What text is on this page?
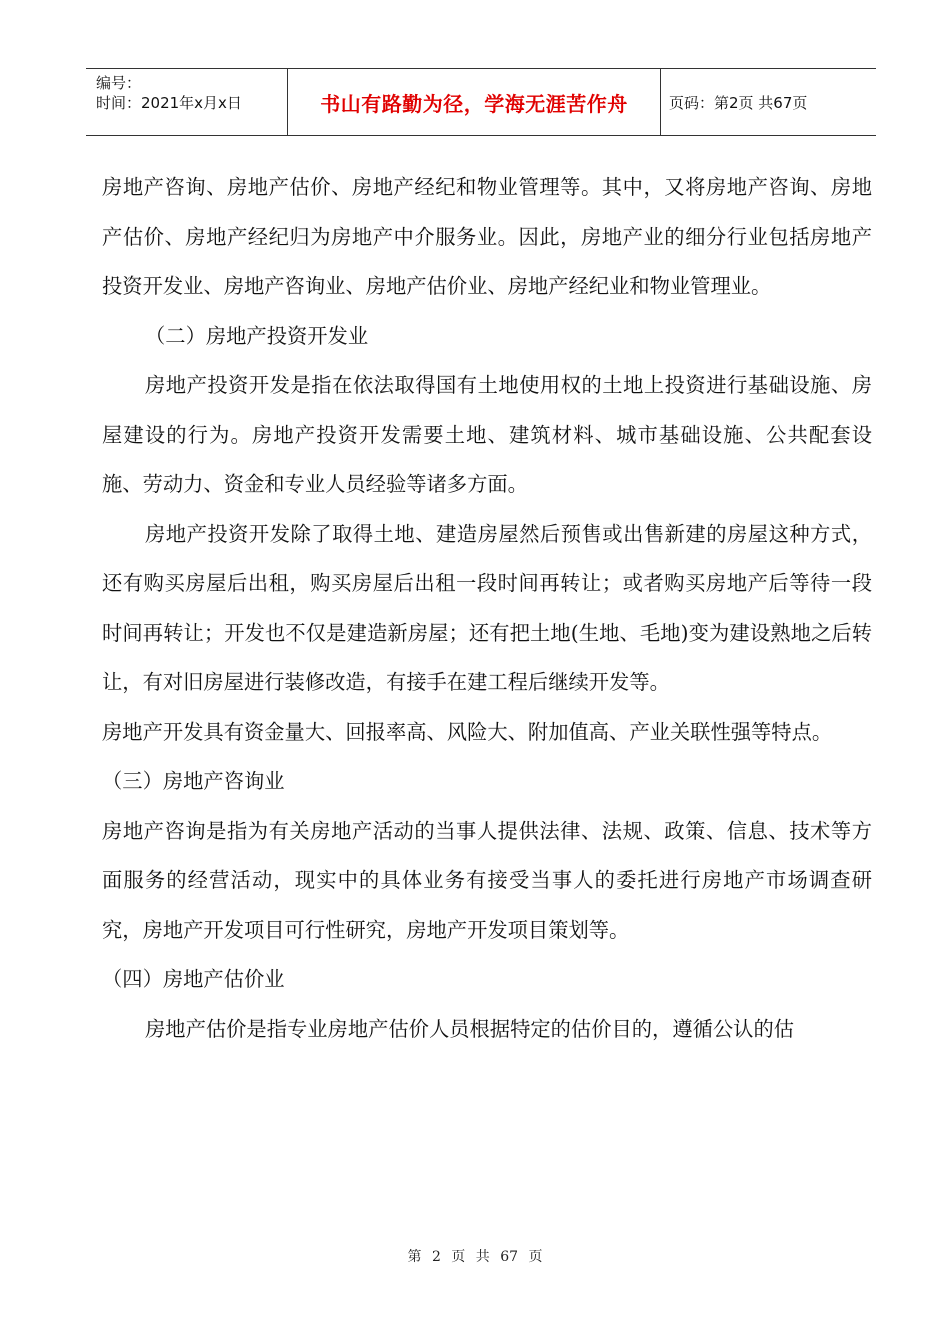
编号：
时间：2021年x月x日	书山有路勤为径，学海无涯苦作舟	页码：第2页 共67页

房地产咨询、房地产估价、房地产经纪和物业管理等。其中，又将房地产咨询、房地产估价、房地产经纪归为房地产中介服务业。因此，房地产业的细分行业包括房地产投资开发业、房地产咨询业、房地产估价业、房地产经纪业和物业管理业。

（二）房地产投资开发业

房地产投资开发是指在依法取得国有土地使用权的土地上投资进行基础设施、房屋建设的行为。房地产投资开发需要土地、建筑材料、城市基础设施、公共配套设施、劳动力、资金和专业人员经验等诸多方面。

房地产投资开发除了取得土地、建造房屋然后预售或出售新建的房屋这种方式，还有购买房屋后出租，购买房屋后出租一段时间再转让；或者购买房地产后等待一段时间再转让；开发也不仅是建造新房屋；还有把土地(生地、毛地)变为建设熟地之后转让，有对旧房屋进行装修改造，有接手在建工程后继续开发等。

房地产开发具有资金量大、回报率高、风险大、附加值高、产业关联性强等特点。

（三）房地产咨询业

房地产咨询是指为有关房地产活动的当事人提供法律、法规、政策、信息、技术等方面服务的经营活动，现实中的具体业务有接受当事人的委托进行房地产市场调查研究，房地产开发项目可行性研究，房地产开发项目策划等。

（四）房地产估价业

房地产估价是指专业房地产估价人员根据特定的估价目的，遵循公认的估

第 2 页 共 67 页
